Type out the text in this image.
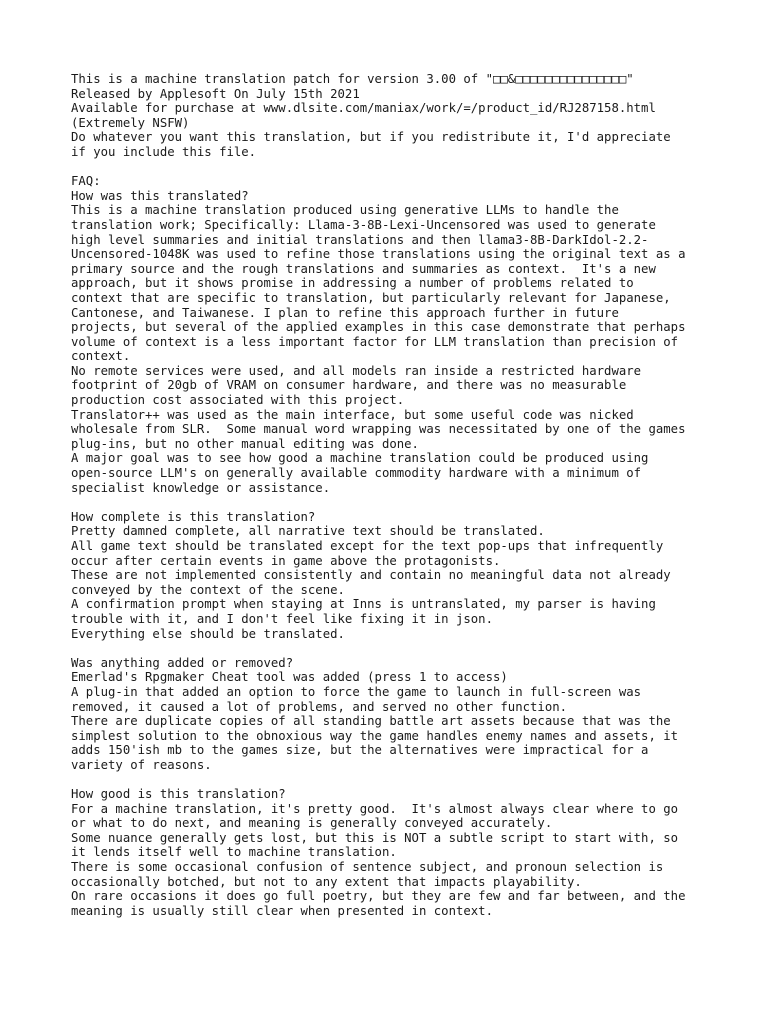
This is a machine translation patch for version 3.00 of "□□&□□□□□□□□□□□□□□□"
Released by Applesoft On July 15th 2021
Available for purchase at www.dlsite.com/maniax/work/=/product_id/RJ287158.html
(Extremely NSFW)
Do whatever you want this translation, but if you redistribute it, I'd appreciate
if you include this file.

FAQ:
How was this translated?
This is a machine translation produced using generative LLMs to handle the
translation work; Specifically: Llama-3-8B-Lexi-Uncensored was used to generate
high level summaries and initial translations and then llama3-8B-DarkIdol-2.2-
Uncensored-1048K was used to refine those translations using the original text as a
primary source and the rough translations and summaries as context.  It's a new
approach, but it shows promise in addressing a number of problems related to
context that are specific to translation, but particularly relevant for Japanese,
Cantonese, and Taiwanese. I plan to refine this approach further in future
projects, but several of the applied examples in this case demonstrate that perhaps
volume of context is a less important factor for LLM translation than precision of
context.
No remote services were used, and all models ran inside a restricted hardware
footprint of 20gb of VRAM on consumer hardware, and there was no measurable
production cost associated with this project.
Translator++ was used as the main interface, but some useful code was nicked
wholesale from SLR.  Some manual word wrapping was necessitated by one of the games
plug-ins, but no other manual editing was done.
A major goal was to see how good a machine translation could be produced using
open-source LLM's on generally available commodity hardware with a minimum of
specialist knowledge or assistance.

How complete is this translation?
Pretty damned complete, all narrative text should be translated.
All game text should be translated except for the text pop-ups that infrequently
occur after certain events in game above the protagonists.
These are not implemented consistently and contain no meaningful data not already
conveyed by the context of the scene.
A confirmation prompt when staying at Inns is untranslated, my parser is having
trouble with it, and I don't feel like fixing it in json.
Everything else should be translated.

Was anything added or removed?
Emerlad's Rpgmaker Cheat tool was added (press 1 to access)
A plug-in that added an option to force the game to launch in full-screen was
removed, it caused a lot of problems, and served no other function.
There are duplicate copies of all standing battle art assets because that was the
simplest solution to the obnoxious way the game handles enemy names and assets, it
adds 150'ish mb to the games size, but the alternatives were impractical for a
variety of reasons.

How good is this translation?
For a machine translation, it's pretty good.  It's almost always clear where to go
or what to do next, and meaning is generally conveyed accurately.
Some nuance generally gets lost, but this is NOT a subtle script to start with, so
it lends itself well to machine translation.
There is some occasional confusion of sentence subject, and pronoun selection is
occasionally botched, but not to any extent that impacts playability.
On rare occasions it does go full poetry, but they are few and far between, and the
meaning is usually still clear when presented in context.
